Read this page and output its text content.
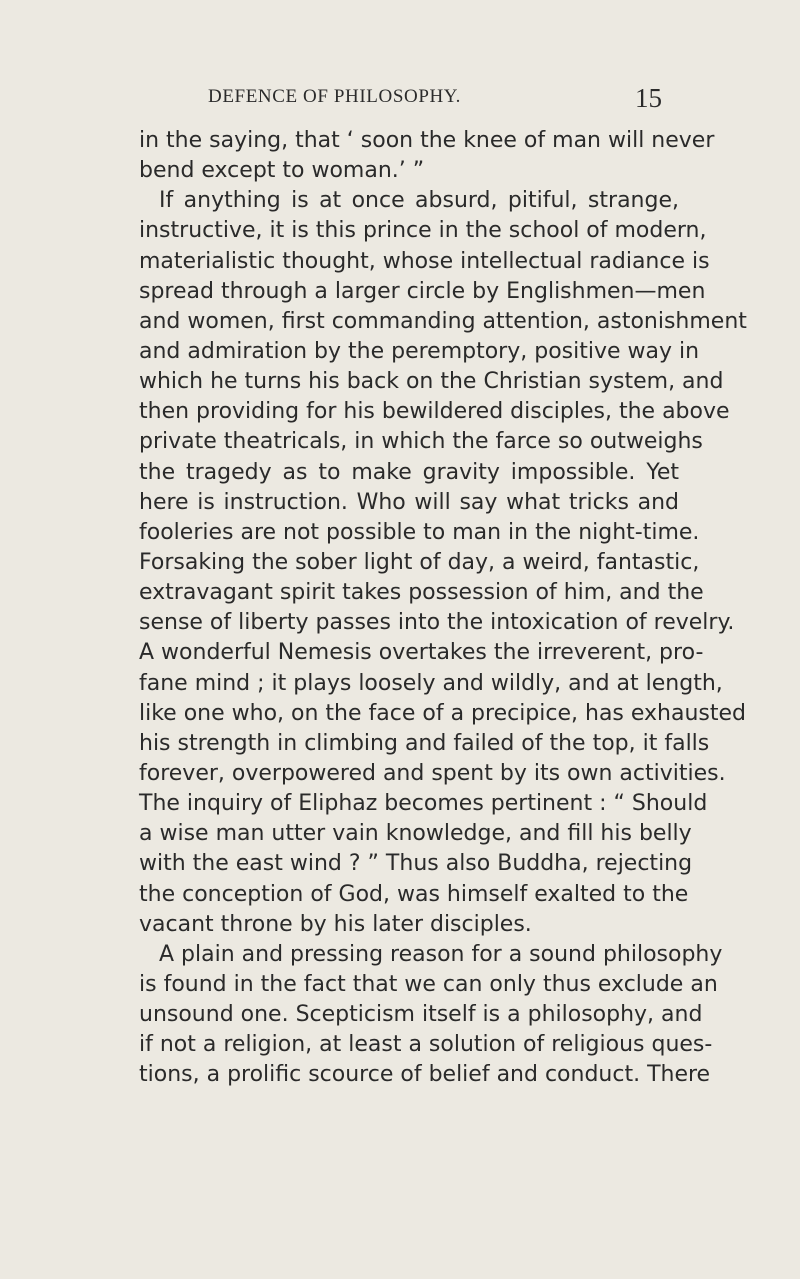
DEFENCE OF PHILOSOPHY.	15
in the saying, that ‘ soon the knee of man will never
bend except to woman.’ ”
If anything is at once absurd, pitiful, strange,
instructive, it is this prince in the school of modern,
materialistic thought, whose intellectual radiance is
spread through a larger circle by Englishmen—men
and women, first commanding attention, astonishment
and admiration by the peremptory, positive way in
which he turns his back on the Christian system, and
then providing for his bewildered disciples, the above
private theatricals, in which the farce so outweighs
the tragedy as to make gravity impossible. Yet
here is instruction. Who will say what tricks and
fooleries are not possible to man in the night-time.
Forsaking the sober light of day, a weird, fantastic,
extravagant spirit takes possession of him, and the
sense of liberty passes into the intoxication of revelry.
A wonderful Nemesis overtakes the irreverent, pro-
fane mind ; it plays loosely and wildly, and at length,
like one who, on the face of a precipice, has exhausted
his strength in climbing and failed of the top, it falls
forever, overpowered and spent by its own activities.
The inquiry of Eliphaz becomes pertinent : “ Should
a wise man utter vain knowledge, and fill his belly
with the east wind ? ” Thus also Buddha, rejecting
the conception of God, was himself exalted to the
vacant throne by his later disciples.
A plain and pressing reason for a sound philosophy
is found in the fact that we can only thus exclude an
unsound one. Scepticism itself is a philosophy, and
if not a religion, at least a solution of religious ques-
tions, a prolific scource of belief and conduct. There
